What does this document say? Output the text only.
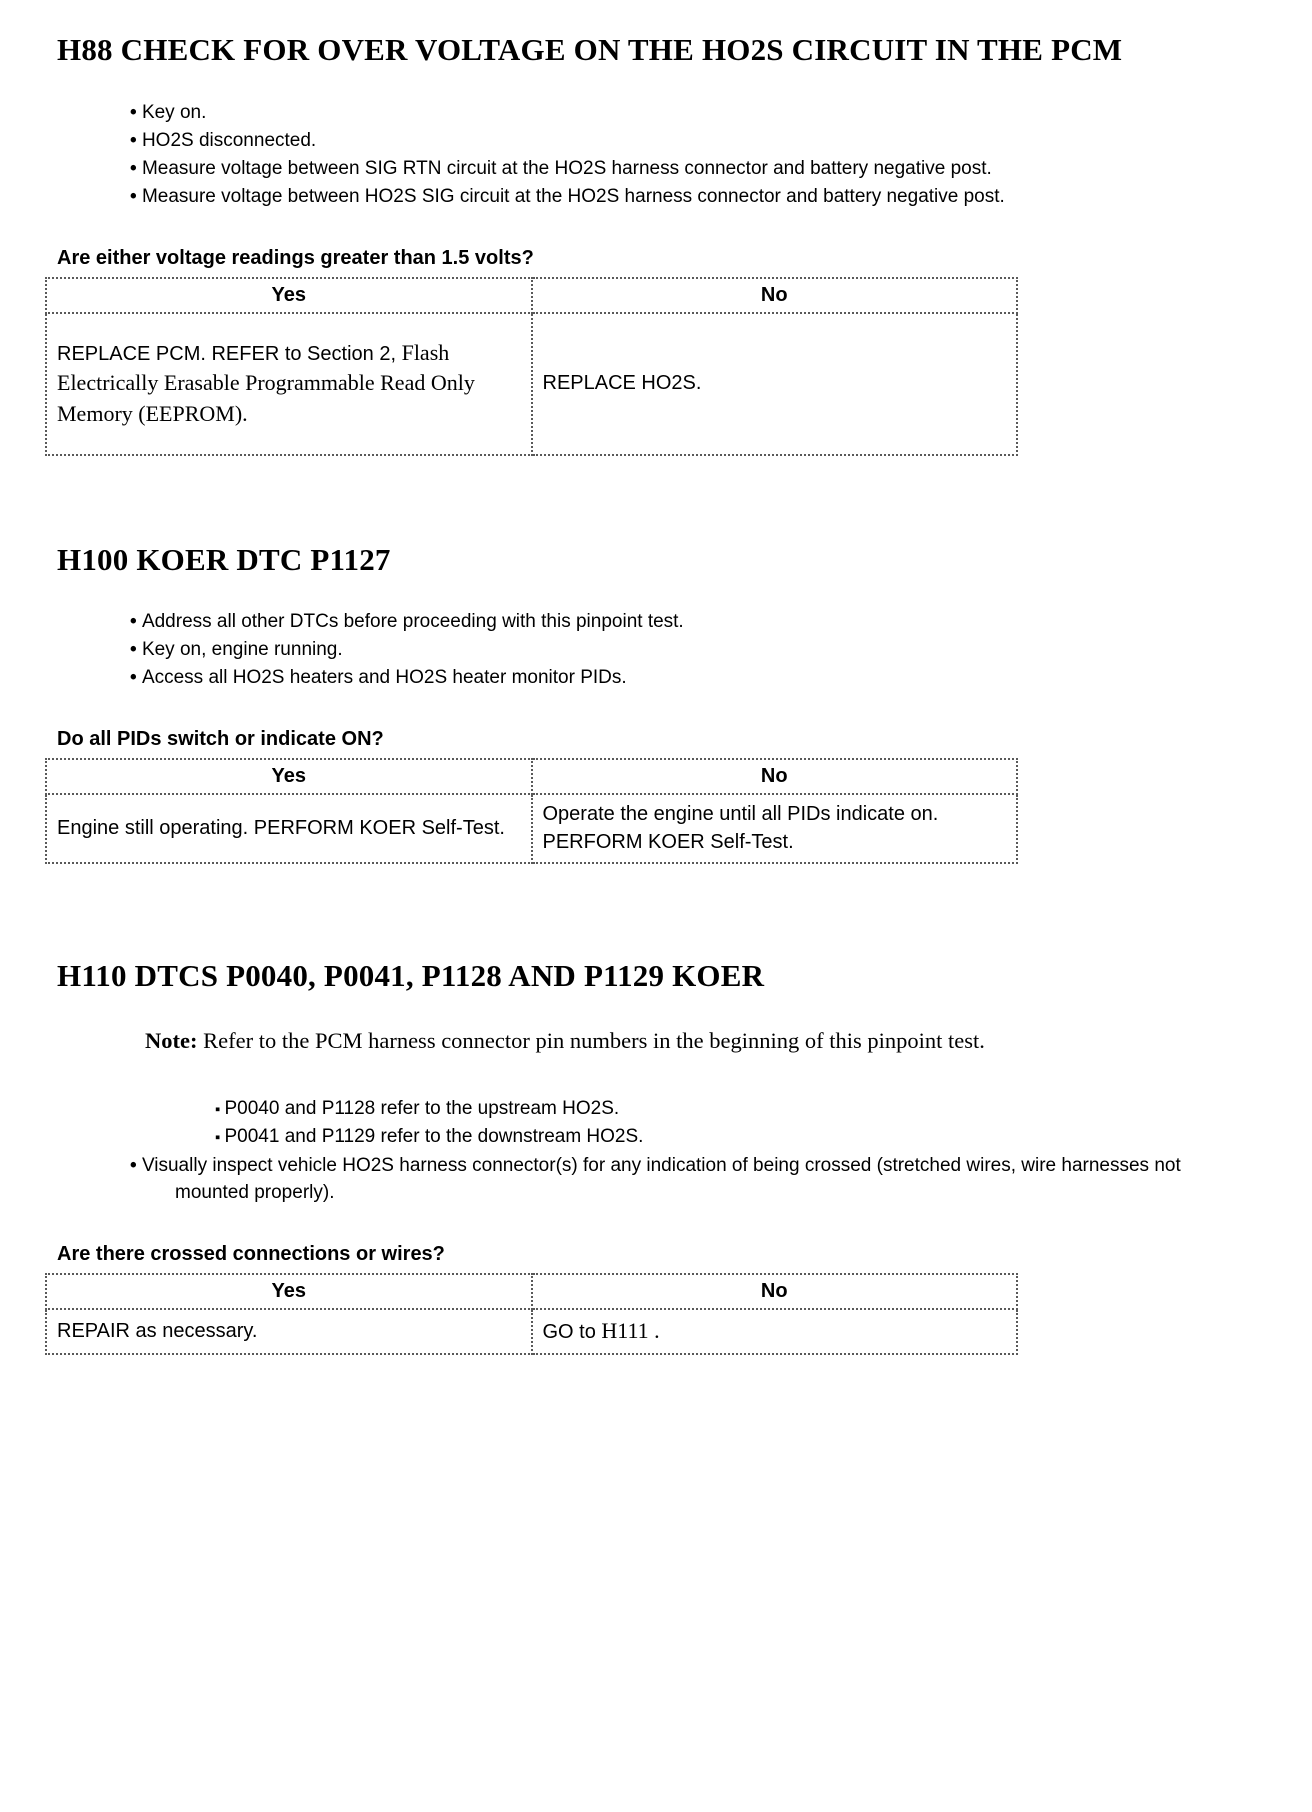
H88 CHECK FOR OVER VOLTAGE ON THE HO2S CIRCUIT IN THE PCM
• Key on.
• HO2S disconnected.
• Measure voltage between SIG RTN circuit at the HO2S harness connector and battery negative post.
• Measure voltage between HO2S SIG circuit at the HO2S harness connector and battery negative post.

Are either voltage readings greater than 1.5 volts?

Yes	No
REPLACE PCM. REFER to Section 2, Flash Electrically Erasable Programmable Read Only Memory (EEPROM).	REPLACE HO2S.
H100 KOER DTC P1127
• Address all other DTCs before proceeding with this pinpoint test.
• Key on, engine running.
• Access all HO2S heaters and HO2S heater monitor PIDs.

Do all PIDs switch or indicate ON?

Yes	No
Engine still operating. PERFORM KOER Self-Test.	Operate the engine until all PIDs indicate on. PERFORM KOER Self-Test.
H110 DTCS P0040, P0041, P1128 AND P1129 KOER

Note: Refer to the PCM harness connector pin numbers in the beginning of this pinpoint test.

▪ P0040 and P1128 refer to the upstream HO2S.
▪ P0041 and P1129 refer to the downstream HO2S.
• Visually inspect vehicle HO2S harness connector(s) for any indication of being crossed (stretched wires, wire harnesses not mounted properly).

Are there crossed connections or wires?

Yes	No
REPAIR as necessary.	GO to H111 .
